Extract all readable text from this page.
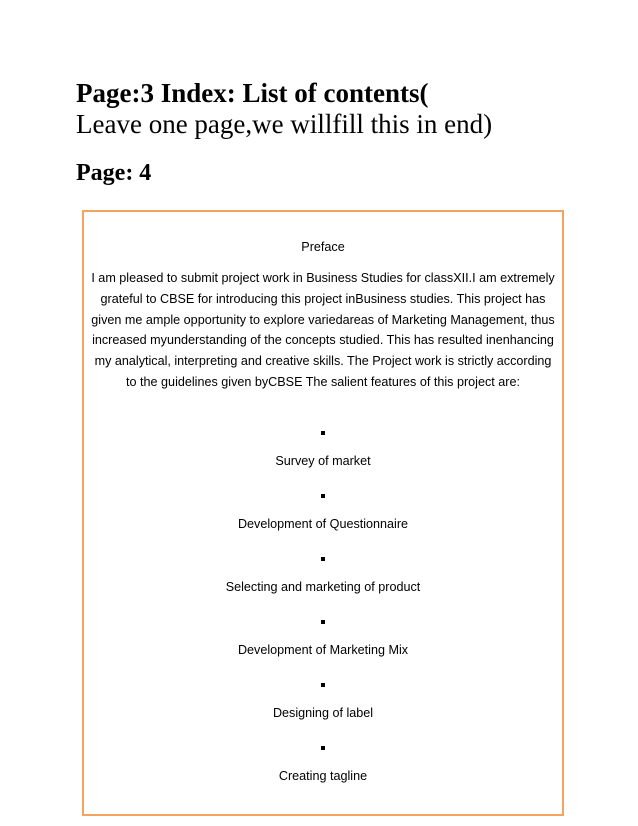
Page:3 Index: List of contents(
Leave one page,we willfill this in end)
Page: 4
Preface
I am pleased to submit project work in Business Studies for classXII.I am extremely grateful to CBSE for introducing this project inBusiness studies. This project has given me ample opportunity to explore variedareas of Marketing Management, thus increased myunderstanding of the concepts studied. This has resulted inenhancing my analytical, interpreting and creative skills. The Project work is strictly according to the guidelines given byCBSE The salient features of this project are:
Survey of market
Development of Questionnaire
Selecting and marketing of product
Development of Marketing Mix
Designing of label
Creating tagline
